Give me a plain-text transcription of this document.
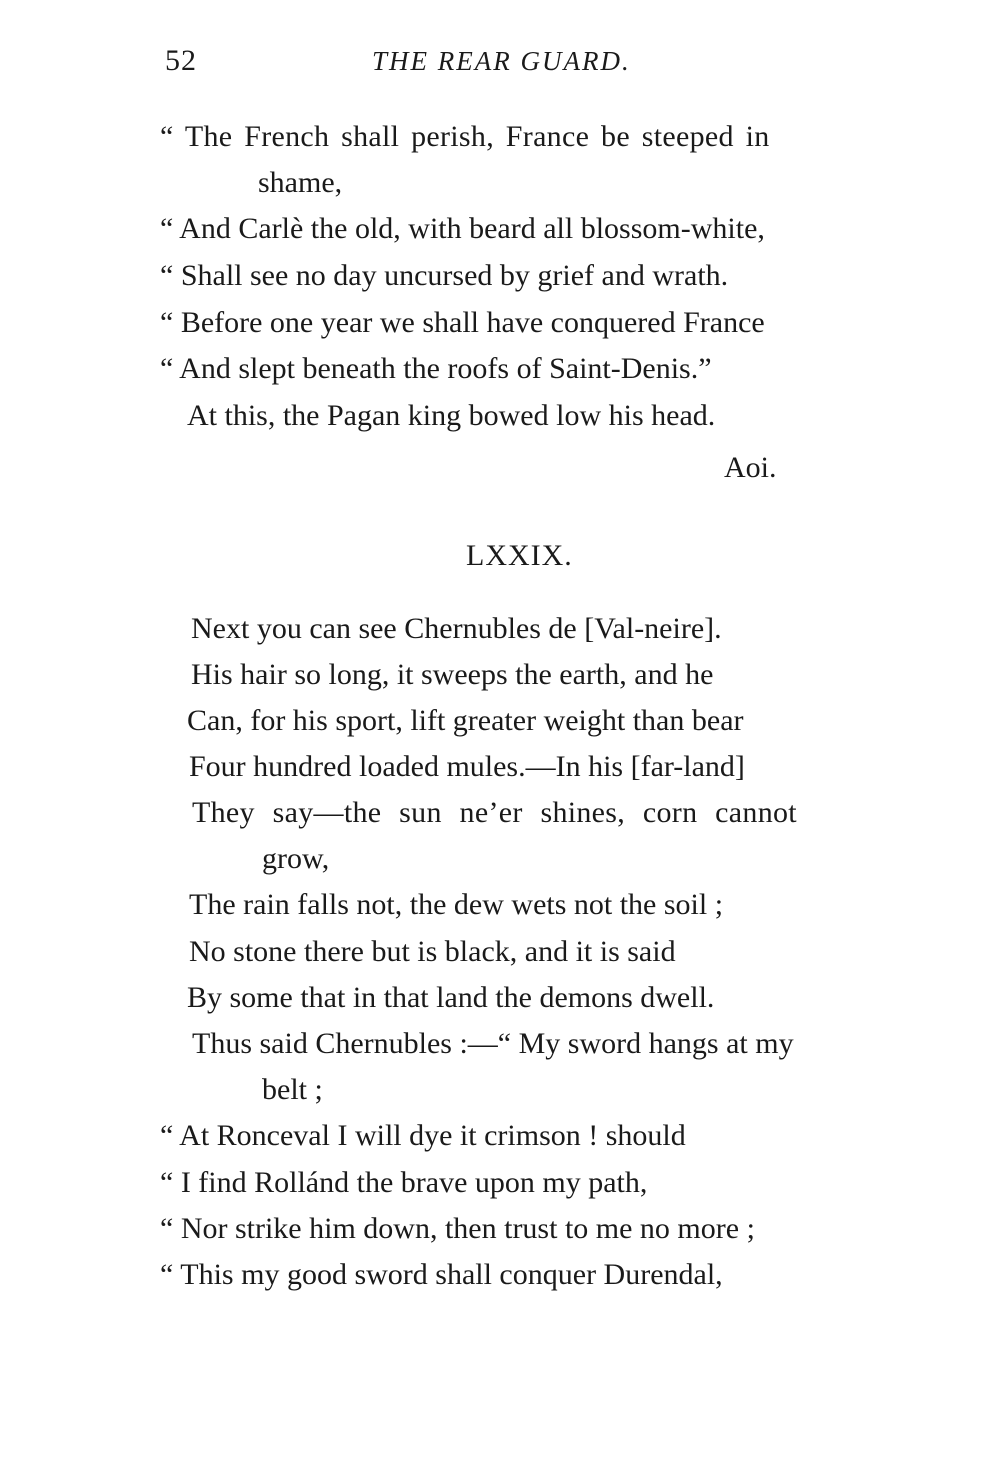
52	THE REAR GUARD.
“ The French shall perish, France be steeped in
shame,
“ And Carlè the old, with beard all blossom-white,
“ Shall see no day uncursed by grief and wrath.
“ Before one year we shall have conquered France
“ And slept beneath the roofs of Saint-Denis.”
At this, the Pagan king bowed low his head.
Aoi.
LXXIX.
Next you can see Chernubles de [Val-neire].
His hair so long, it sweeps the earth, and he
Can, for his sport, lift greater weight than bear
Four hundred loaded mules.—In his [far-land]
They say—the sun ne’er shines, corn cannot
grow,
The rain falls not, the dew wets not the soil ;
No stone there but is black, and it is said
By some that in that land the demons dwell.
Thus said Chernubles :—“ My sword hangs at my
belt ;
“ At Ronceval I will dye it crimson ! should
“ I find Rollánd the brave upon my path,
“ Nor strike him down, then trust to me no more ;
“ This my good sword shall conquer Durendal,
